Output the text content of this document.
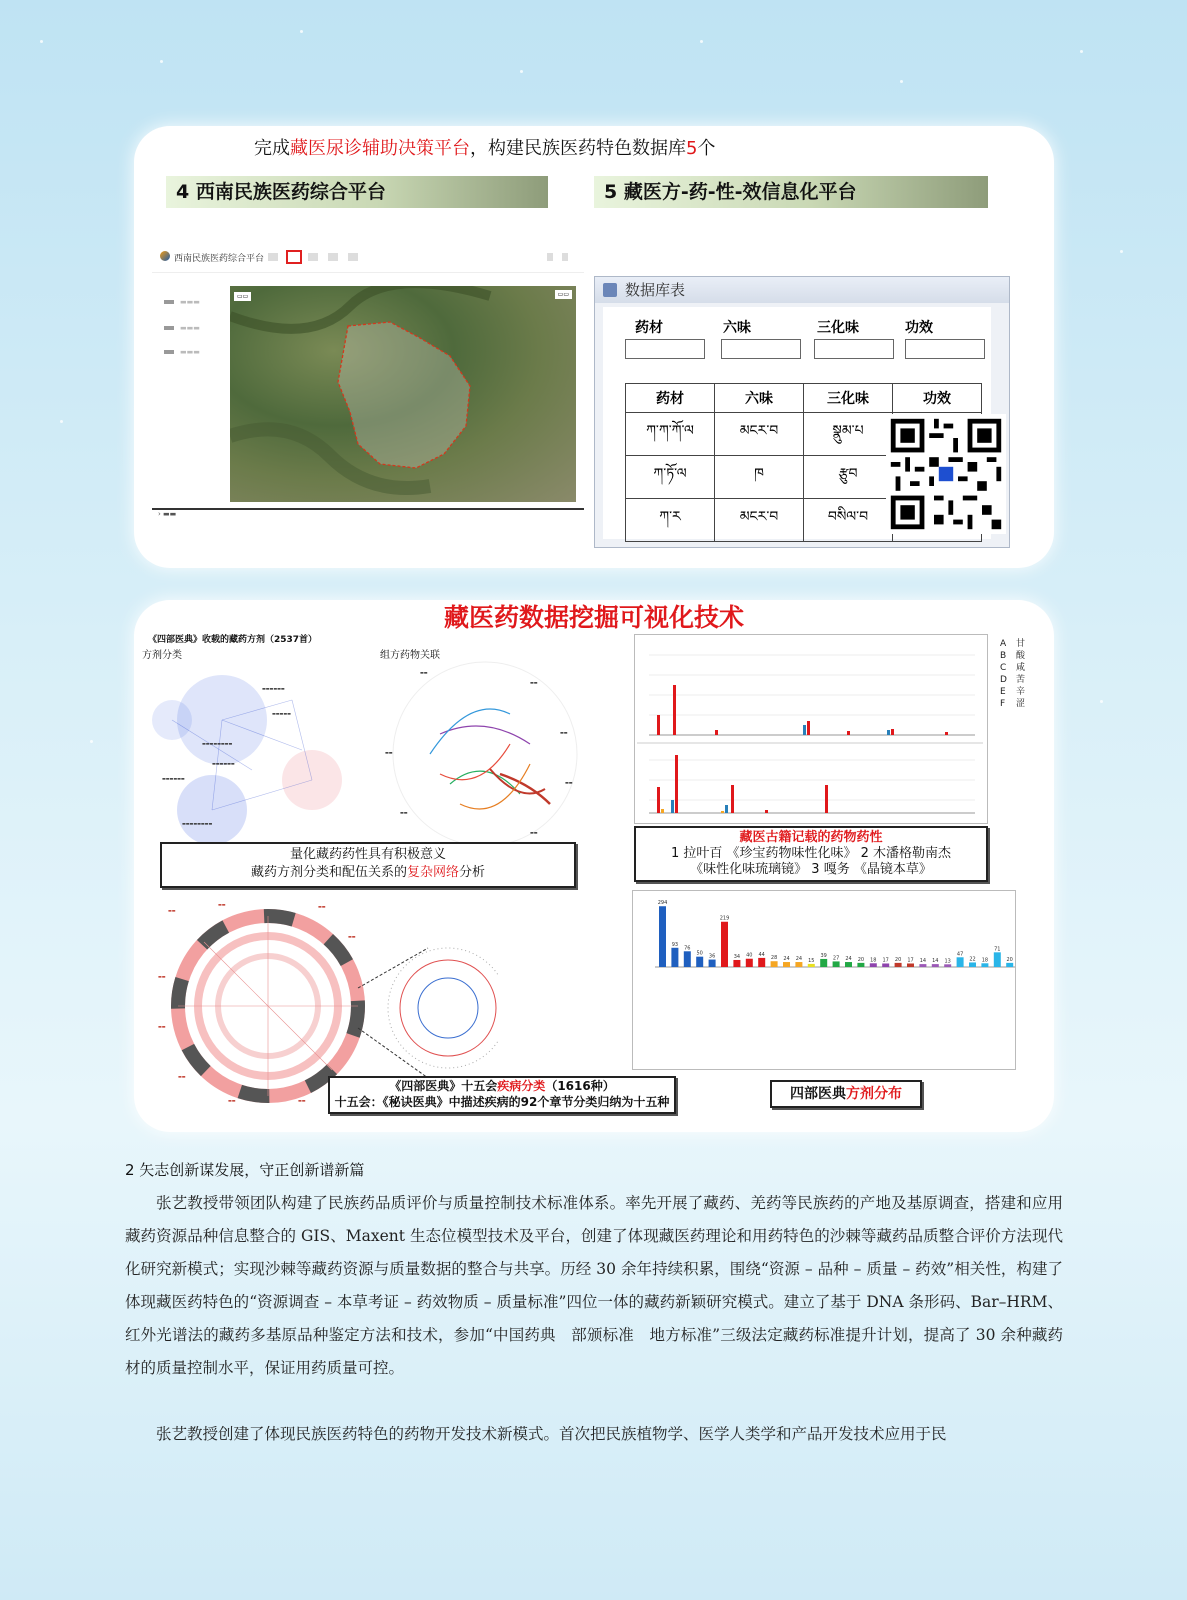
完成藏医尿诊辅助决策平台，构建民族医药特色数据库5个
4 西南民族医药综合平台	5 藏医方-药-性-效信息化平台
西南民族医药综合平台
▬▬▬
▬▬▬
▬▬▬
▭▭	▭▭
› ▬▬
数据库表
药材	六味	三化味	功效
药材	六味	三化味	功效
ཀ་ཀ་ཀོ་ལ	མངར་བ	སྣུམ་པ	
ཀ་ཏོ་ལ	ཁ	རྩུབ	
ཀ་ར	མངར་བ	བསིལ་བ	
藏医药数据挖掘可视化技术
《四部医典》收载的藏药方剂（2537首）
方剂分类	组方药物关联
▬▬▬▬▬▬
▬▬▬▬▬
▬▬▬▬▬▬▬▬
▬▬▬▬▬▬
▬▬▬▬▬▬
▬▬▬▬▬▬▬▬
▬▬
▬▬
▬▬
▬▬
▬▬
▬▬
▬▬
量化藏药药性具有积极意义
藏药方剂分类和配伍关系的复杂网络分析
A
B
C
D
E
F
甘
酸
咸
苦
辛
涩
藏医古籍记载的药物药性
1 拉叶百 《珍宝药物味性化味》 2 木潘格勒南杰
《味性化味琉璃镜》 3 嘎务 《晶镜本草》
▬▬
▬▬	▬▬
▬▬
▬▬
▬▬
▬▬
▬▬	▬▬
《四部医典》十五会疾病分类（1616种）
十五会：《秘诀医典》中描述疾病的92个章节分类归纳为十五种
294
93
76
50 36
219
34 40 44
28 24 24 15
39 27 24 20 18 17 20 17 14 14 13
47
22 18
71
20
四部医典方剂分布
2 矢志创新谋发展，守正创新谱新篇
张艺教授带领团队构建了民族药品质评价与质量控制技术标准体系。率先开展了藏药、羌药等民族药的产地及基原调查，搭建和应用藏药资源品种信息整合的 GIS、Maxent 生态位模型技术及平台，创建了体现藏医药理论和用药特色的沙棘等藏药品质整合评价方法现代化研究新模式；实现沙棘等藏药资源与质量数据的整合与共享。历经 30 余年持续积累，围绕“资源 – 品种 – 质量 – 药效”相关性，构建了体现藏医药特色的“资源调查 – 本草考证 – 药效物质 – 质量标准”四位一体的藏药新颖研究模式。建立了基于 DNA 条形码、Bar–HRM、红外光谱法的藏药多基原品种鉴定方法和技术，参加“中国药典　部颁标准　地方标准”三级法定藏药标准提升计划，提高了 30 余种藏药材的质量控制水平，保证用药质量可控。
张艺教授创建了体现民族医药特色的药物开发技术新模式。首次把民族植物学、医学人类学和产品开发技术应用于民
